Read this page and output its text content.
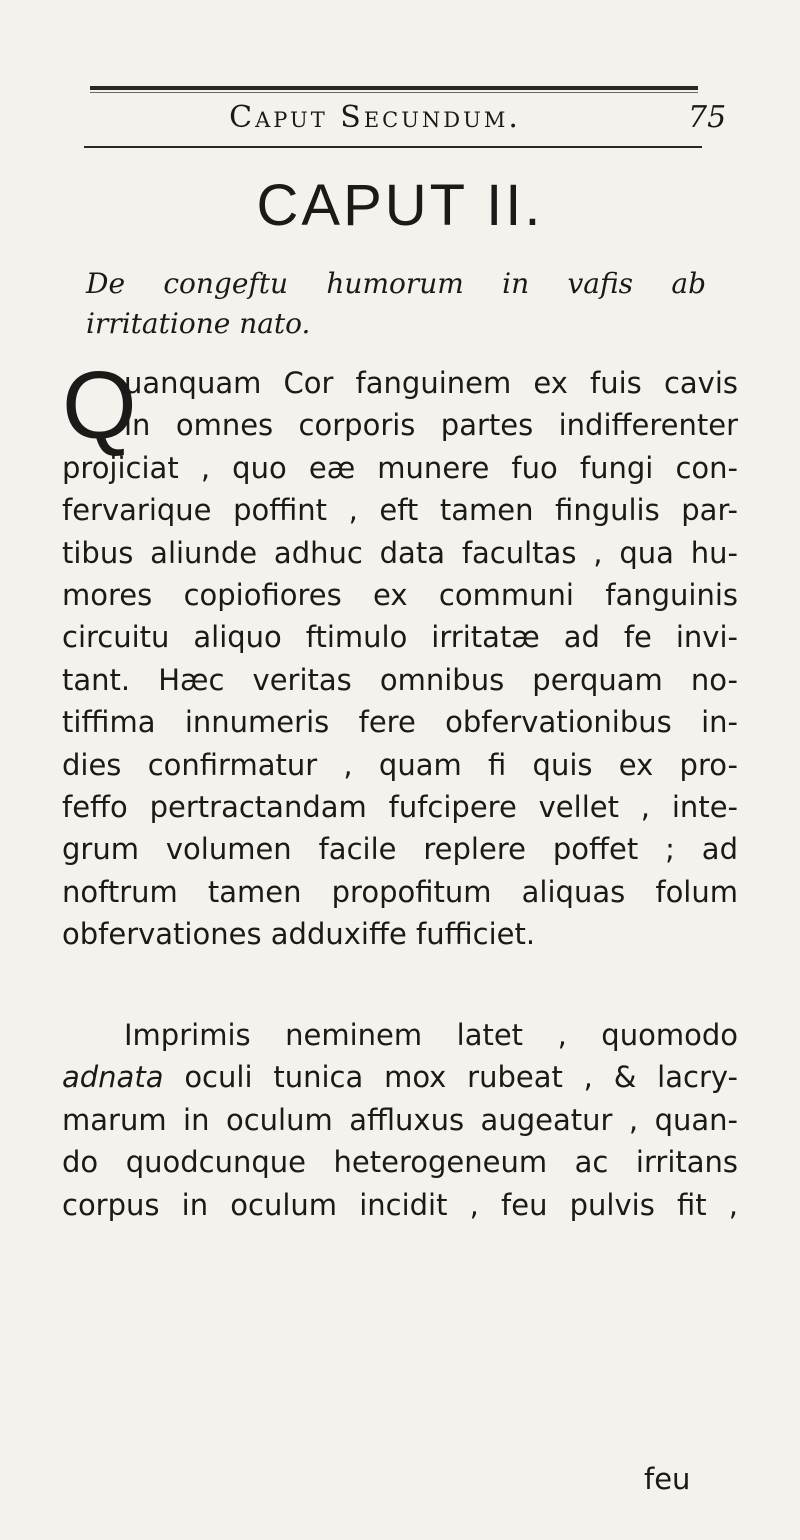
Caput Secundum.	75
CAPUT II.
De congeftu humorum in vafis ab irritatione nato.
Q
uanquam Cor fanguinem ex fuis cavis
in omnes corporis partes indifferenter
projiciat , quo eæ munere fuo fungi con-
fervarique poffint , eft tamen fingulis par-
tibus aliunde adhuc data facultas , qua hu-
mores copiofiores ex communi fanguinis
circuitu aliquo ftimulo irritatæ ad fe invi-
tant. Hæc veritas omnibus perquam no-
tiffima innumeris fere obfervationibus in-
dies confirmatur , quam fi quis ex pro-
feffo pertractandam fufcipere vellet , inte-
grum volumen facile replere poffet ; ad
noftrum tamen propofitum aliquas folum
obfervationes adduxiffe fufficiet.
Imprimis neminem latet , quomodo
adnata oculi tunica mox rubeat , & lacry-
marum in oculum affluxus augeatur , quan-
do quodcunque heterogeneum ac irritans
corpus in oculum incidit , feu pulvis fit ,
feu
